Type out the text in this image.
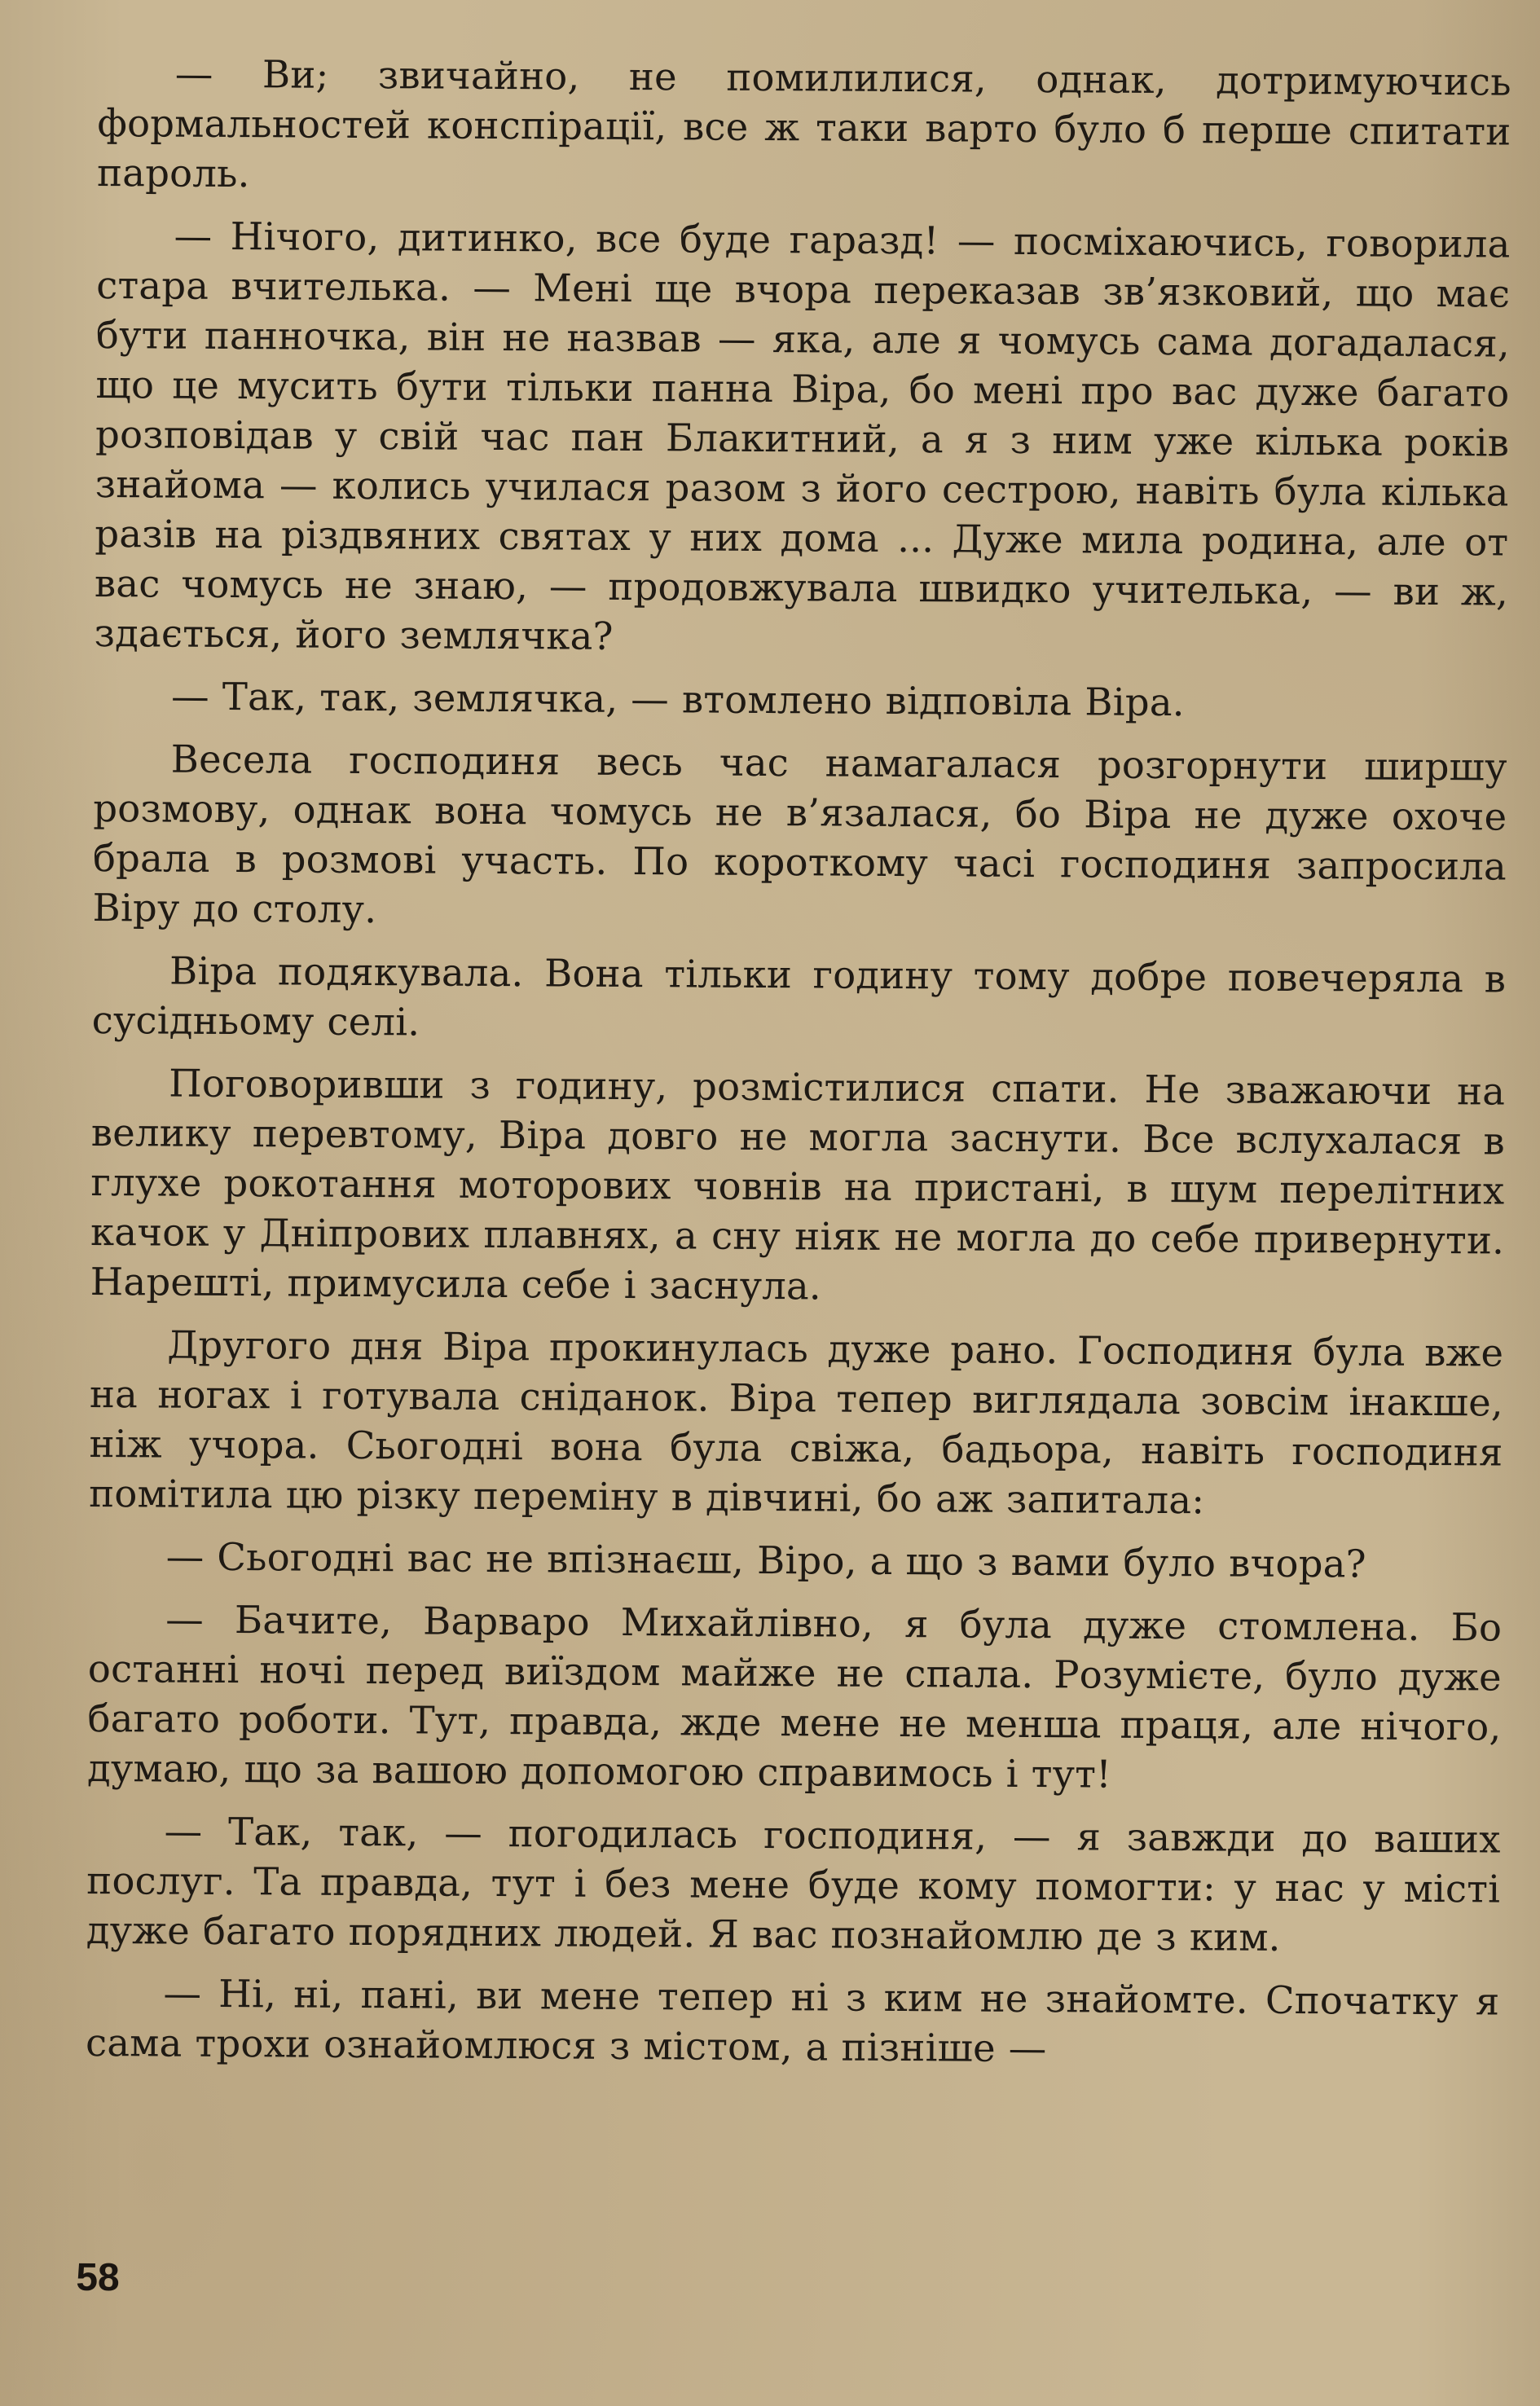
— Ви; звичайно, не помилилися, однак, дотримуючись формальностей конспірації, все ж таки варто було б перше спитати пароль.

— Нічого, дитинко, все буде гаразд! — посміхаючись, говорила стара вчителька. — Мені ще вчора переказав зв’язковий, що має бути панночка, він не назвав — яка, але я чомусь сама догадалася, що це мусить бути тільки панна Віра, бо мені про вас дуже багато розповідав у свій час пан Блакитний, а я з ним уже кілька років знайома — колись училася разом з його сестрою, навіть була кілька разів на різдвяних святах у них дома ... Дуже мила родина, але от вас чомусь не знаю, — продовжувала швидко учителька, — ви ж, здається, його землячка?

— Так, так, землячка, — втомлено відповіла Віра.

Весела господиня весь час намагалася розгорнути ширшу розмову, однак вона чомусь не в’язалася, бо Віра не дуже охоче брала в розмові участь. По короткому часі господиня запросила Віру до столу.

Віра подякувала. Вона тільки годину тому добре повечеряла в сусідньому селі.

Поговоривши з годину, розмістилися спати. Не зважаючи на велику перевтому, Віра довго не могла заснути. Все вслухалася в глухе рокотання моторових човнів на пристані, в шум перелітних качок у Дніпрових плавнях, а сну ніяк не могла до себе привернути. Нарешті, примусила себе і заснула.

Другого дня Віра прокинулась дуже рано. Господиня була вже на ногах і готувала сніданок. Віра тепер виглядала зовсім інакше, ніж учора. Сьогодні вона була свіжа, бадьора, навіть господиня помітила цю різку переміну в дівчині, бо аж запитала:

— Сьогодні вас не впізнаєш, Віро, а що з вами було вчора?

— Бачите, Варваро Михайлівно, я була дуже стомлена. Бо останні ночі перед виїздом майже не спала. Розумієте, було дуже багато роботи. Тут, правда, жде мене не менша праця, але нічого, думаю, що за вашою допомогою справимось і тут!

— Так, так, — погодилась господиня, — я завжди до ваших послуг. Та правда, тут і без мене буде кому помогти: у нас у місті дуже багато порядних людей. Я вас познайомлю де з ким.

— Ні, ні, пані, ви мене тепер ні з ким не знайомте. Спочатку я сама трохи ознайомлюся з містом, а пізніше —

58
